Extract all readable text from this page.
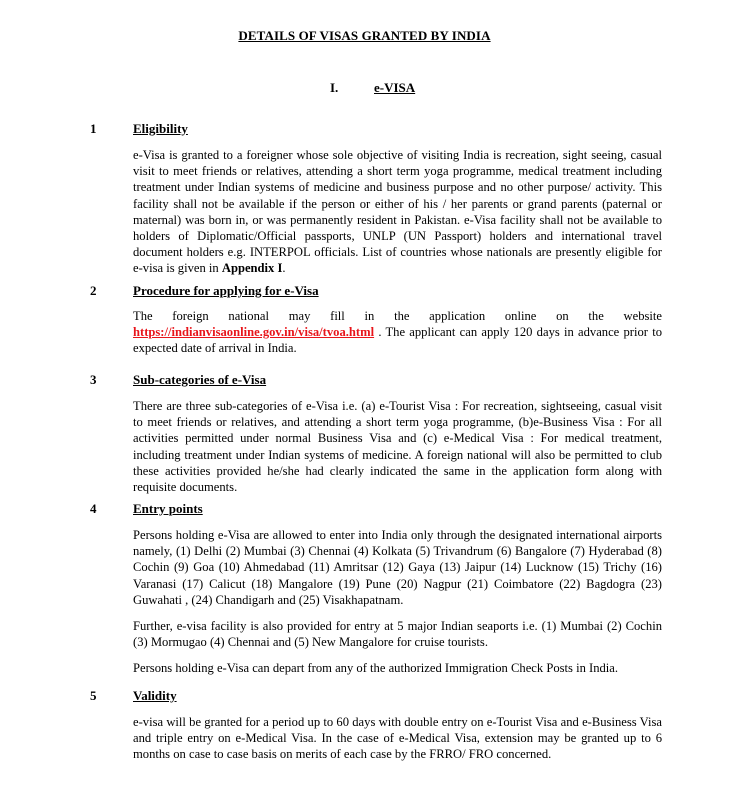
DETAILS OF VISAS GRANTED BY INDIA
I.	e-VISA
1	Eligibility

e-Visa is granted to a foreigner whose sole objective of visiting India is recreation, sight seeing, casual visit to meet friends or relatives, attending a short term yoga programme, medical treatment including treatment under Indian systems of medicine and business purpose and no other purpose/ activity. This facility shall not be available if the person or either of his / her parents or grand parents (paternal or maternal) was born in, or was permanently resident in Pakistan. e-Visa facility shall not be available to holders of Diplomatic/Official passports, UNLP (UN Passport) holders and international travel document holders e.g. INTERPOL officials. List of countries whose nationals are presently eligible for e-visa is given in Appendix I.

2	Procedure for applying for e-Visa

The foreign national may fill in the application online on the website https://indianvisaonline.gov.in/visa/tvoa.html . The applicant can apply 120 days in advance prior to expected date of arrival in India.

3	Sub-categories of e-Visa

There are three sub-categories of e-Visa i.e. (a) e-Tourist Visa : For recreation, sightseeing, casual visit to meet friends or relatives, and attending a short term yoga programme, (b)e-Business Visa : For all activities permitted under normal Business Visa and (c) e-Medical Visa : For medical treatment, including treatment under Indian systems of medicine. A foreign national will also be permitted to club these activities provided he/she had clearly indicated the same in the application form along with requisite documents.

4	Entry points

Persons holding e-Visa are allowed to enter into India only through the designated international airports namely, (1) Delhi (2) Mumbai (3) Chennai (4) Kolkata (5) Trivandrum (6) Bangalore (7) Hyderabad (8) Cochin (9) Goa (10) Ahmedabad (11) Amritsar (12) Gaya (13) Jaipur (14) Lucknow (15) Trichy (16) Varanasi (17) Calicut (18) Mangalore (19) Pune (20) Nagpur (21) Coimbatore (22) Bagdogra (23) Guwahati , (24) Chandigarh and (25) Visakhapatnam.

Further, e-visa facility is also provided for entry at 5 major Indian seaports i.e. (1) Mumbai (2) Cochin (3) Mormugao (4) Chennai and (5) New Mangalore for cruise tourists.

Persons holding e-Visa can depart from any of the authorized Immigration Check Posts in India.

5	Validity

e-visa will be granted for a period up to 60 days with double entry on e-Tourist Visa and e-Business Visa and triple entry on e-Medical Visa. In the case of e-Medical Visa, extension may be granted up to 6 months on case to case basis on merits of each case by the FRRO/ FRO concerned.
